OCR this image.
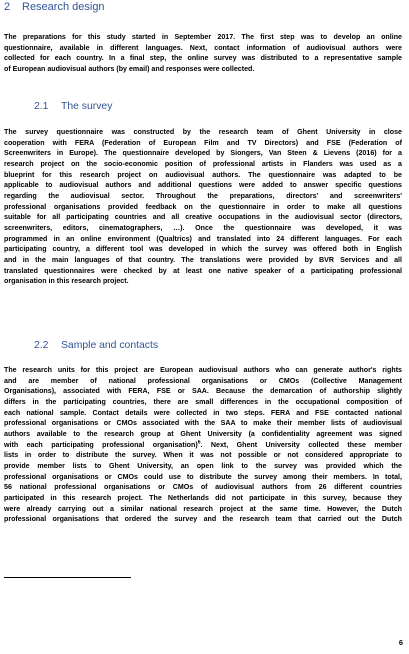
2 Research design
The preparations for this study started in September 2017. The first step was to develop an online
questionnaire, available in different languages. Next, contact information of audiovisual authors were
collected for each country. In a final step, the online survey was distributed to a representative sample
of European audiovisual authors (by email) and responses were collected.
2.1 The survey
The survey questionnaire was constructed by the research team of Ghent University in close
cooperation with FERA (Federation of European Film and TV Directors) and FSE (Federation of
Screenwriters in Europe). The questionnaire developed by Siongers, Van Steen & Lievens (2016) for a
research project on the socio-economic position of professional artists in Flanders was used as a
blueprint for this research project on audiovisual authors. The questionnaire was adapted to be
applicable to audiovisual authors and additional questions were added to answer specific questions
regarding the audiovisual sector. Throughout the preparations, directors' and screenwriters'
professional organisations provided feedback on the questionnaire in order to make all questions
suitable for all participating countries and all creative occupations in the audiovisual sector (directors,
screenwriters, editors, cinematographers, …). Once the questionnaire was developed, it was
programmed in an online environment (Qualtrics) and translated into 24 different languages. For each
participating country, a different tool was developed in which the survey was offered both in English
and in the main languages of that country. The translations were provided by BVR Services and all
translated questionnaires were checked by at least one native speaker of a participating professional
organisation in this research project.
2.2 Sample and contacts
The research units for this project are European audiovisual authors who can generate author's rights
and are member of national professional organisations or CMOs (Collective Management
Organisations), associated with FERA, FSE or SAA. Because the demarcation of authorship slightly
differs in the participating countries, there are small differences in the occupational composition of
each national sample. Contact details were collected in two steps. FERA and FSE contacted national
professional organisations or CMOs associated with the SAA to make their member lists of audiovisual
authors available to the research group at Ghent University (a confidentiality agreement was signed
with each participating professional organisation)$^6$. Next, Ghent University collected these member
lists in order to distribute the survey. When it was not possible or not considered appropriate to
provide member lists to Ghent University, an open link to the survey was provided which the
professional organisations or CMOs could use to distribute the survey among their members. In total,
56 national professional organisations or CMOs of audiovisual authors from 26 different countries
participated in this research project. The Netherlands did not participate in this survey, because they
were already carrying out a similar national research project at the same time. However, the Dutch
professional organisations that ordered the survey and the research team that carried out the Dutch
6
